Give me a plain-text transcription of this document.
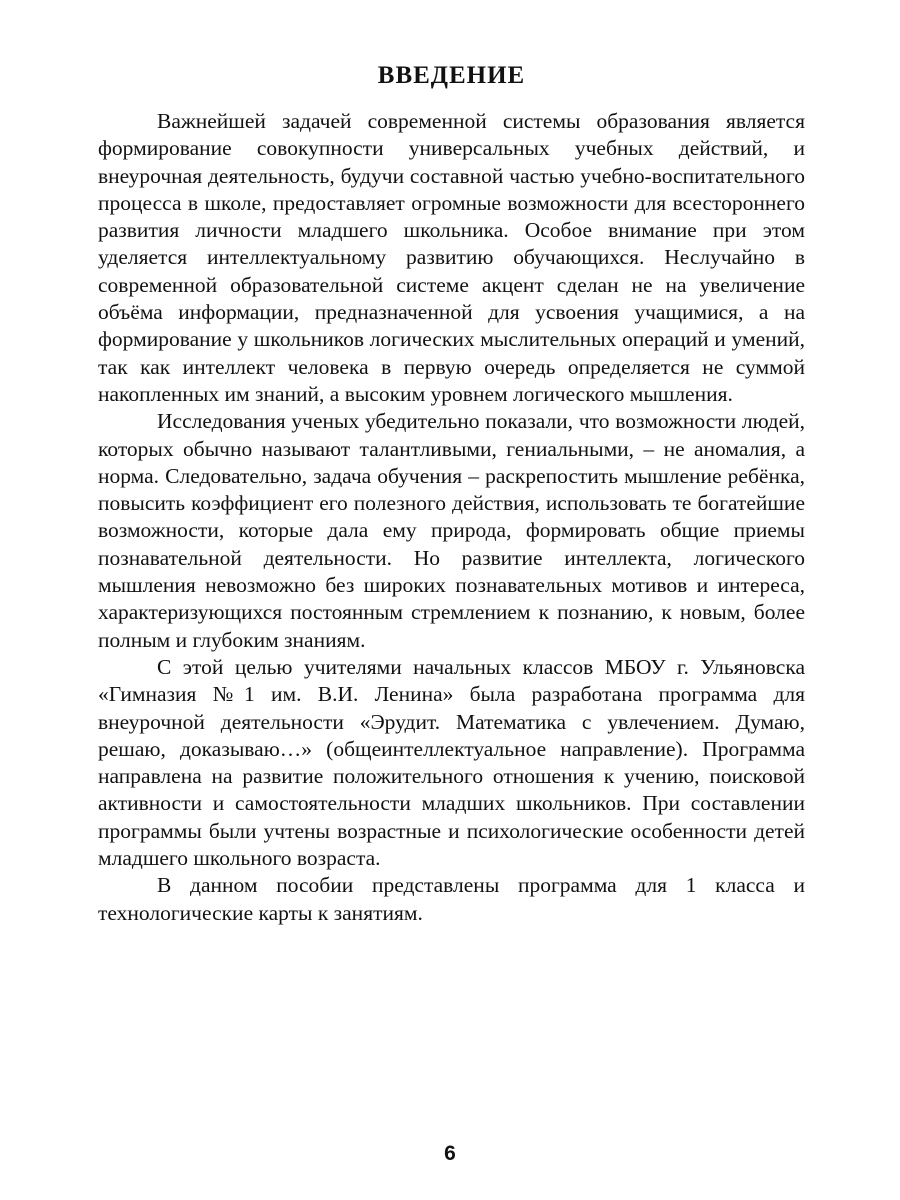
ВВЕДЕНИЕ

Важнейшей задачей современной системы образования является формирование совокупности универсальных учебных действий, и внеурочная деятельность, будучи составной частью учебно-воспитательного процесса в школе, предоставляет огромные возможности для всестороннего развития личности младшего школьника. Особое внимание при этом уделяется интеллектуальному развитию обучающихся. Неслучайно в современной образовательной системе акцент сделан не на увеличение объёма информации, предназначенной для усвоения учащимися, а на формирование у школьников логических мыслительных операций и умений, так как интеллект человека в первую очередь определяется не суммой накопленных им знаний, а высоким уровнем логического мышления.

Исследования ученых убедительно показали, что возможности людей, которых обычно называют талантливыми, гениальными, – не аномалия, а норма. Следовательно, задача обучения – раскрепостить мышление ребёнка, повысить коэффициент его полезного действия, использовать те богатейшие возможности, которые дала ему природа, формировать общие приемы познавательной деятельности. Но развитие интеллекта, логического мышления невозможно без широких познавательных мотивов и интереса, характеризующихся постоянным стремлением к познанию, к новым, более полным и глубоким знаниям.

С этой целью учителями начальных классов МБОУ г. Ульяновска «Гимназия №1 им. В.И. Ленина» была разработана программа для внеурочной деятельности «Эрудит. Математика с увлечением. Думаю, решаю, доказываю…» (общеинтеллектуальное направление). Программа направлена на развитие положительного отношения к учению, поисковой активности и самостоятельности младших школьников. При составлении программы были учтены возрастные и психологические особенности детей младшего школьного возраста.

В данном пособии представлены программа для 1 класса и технологические карты к занятиям.

6
